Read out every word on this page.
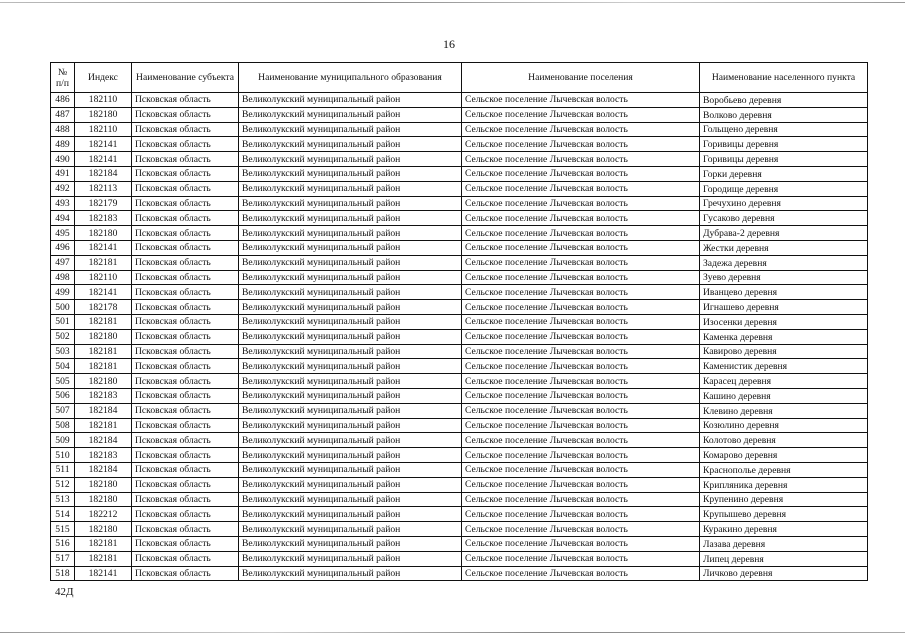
16
№ п/п	Индекс	Наименование субъекта	Наименование муниципального образования	Наименование поселения	Наименование населенного пункта
486	182110	Псковская область	Великолукский муниципальный район	Сельское поселение Лычевская волость	Воробьево деревня
487	182180	Псковская область	Великолукский муниципальный район	Сельское поселение Лычевская волость	Волково деревня
488	182110	Псковская область	Великолукский муниципальный район	Сельское поселение Лычевская волость	Гольщено деревня
489	182141	Псковская область	Великолукский муниципальный район	Сельское поселение Лычевская волость	Горивицы деревня
490	182141	Псковская область	Великолукский муниципальный район	Сельское поселение Лычевская волость	Горивицы деревня
491	182184	Псковская область	Великолукский муниципальный район	Сельское поселение Лычевская волость	Горки деревня
492	182113	Псковская область	Великолукский муниципальный район	Сельское поселение Лычевская волость	Городище деревня
493	182179	Псковская область	Великолукский муниципальный район	Сельское поселение Лычевская волость	Гречухино деревня
494	182183	Псковская область	Великолукский муниципальный район	Сельское поселение Лычевская волость	Гусаково деревня
495	182180	Псковская область	Великолукский муниципальный район	Сельское поселение Лычевская волость	Дубрава-2 деревня
496	182141	Псковская область	Великолукский муниципальный район	Сельское поселение Лычевская волость	Жестки деревня
497	182181	Псковская область	Великолукский муниципальный район	Сельское поселение Лычевская волость	Задежа деревня
498	182110	Псковская область	Великолукский муниципальный район	Сельское поселение Лычевская волость	Зуево деревня
499	182141	Псковская область	Великолукский муниципальный район	Сельское поселение Лычевская волость	Иванцево деревня
500	182178	Псковская область	Великолукский муниципальный район	Сельское поселение Лычевская волость	Игнашево деревня
501	182181	Псковская область	Великолукский муниципальный район	Сельское поселение Лычевская волость	Изосенки деревня
502	182180	Псковская область	Великолукский муниципальный район	Сельское поселение Лычевская волость	Каменка деревня
503	182181	Псковская область	Великолукский муниципальный район	Сельское поселение Лычевская волость	Кавирово деревня
504	182181	Псковская область	Великолукский муниципальный район	Сельское поселение Лычевская волость	Каменистик деревня
505	182180	Псковская область	Великолукский муниципальный район	Сельское поселение Лычевская волость	Карасец деревня
506	182183	Псковская область	Великолукский муниципальный район	Сельское поселение Лычевская волость	Кашино деревня
507	182184	Псковская область	Великолукский муниципальный район	Сельское поселение Лычевская волость	Клевино деревня
508	182181	Псковская область	Великолукский муниципальный район	Сельское поселение Лычевская волость	Козюлино деревня
509	182184	Псковская область	Великолукский муниципальный район	Сельское поселение Лычевская волость	Колотово деревня
510	182183	Псковская область	Великолукский муниципальный район	Сельское поселение Лычевская волость	Комарово деревня
511	182184	Псковская область	Великолукский муниципальный район	Сельское поселение Лычевская волость	Краснополье деревня
512	182180	Псковская область	Великолукский муниципальный район	Сельское поселение Лычевская волость	Крипляника деревня
513	182180	Псковская область	Великолукский муниципальный район	Сельское поселение Лычевская волость	Крупенино деревня
514	182212	Псковская область	Великолукский муниципальный район	Сельское поселение Лычевская волость	Крупышево деревня
515	182180	Псковская область	Великолукский муниципальный район	Сельское поселение Лычевская волость	Куракино деревня
516	182181	Псковская область	Великолукский муниципальный район	Сельское поселение Лычевская волость	Лазава деревня
517	182181	Псковская область	Великолукский муниципальный район	Сельское поселение Лычевская волость	Липец деревня
518	182141	Псковская область	Великолукский муниципальный район	Сельское поселение Лычевская волость	Личково деревня
42Д
